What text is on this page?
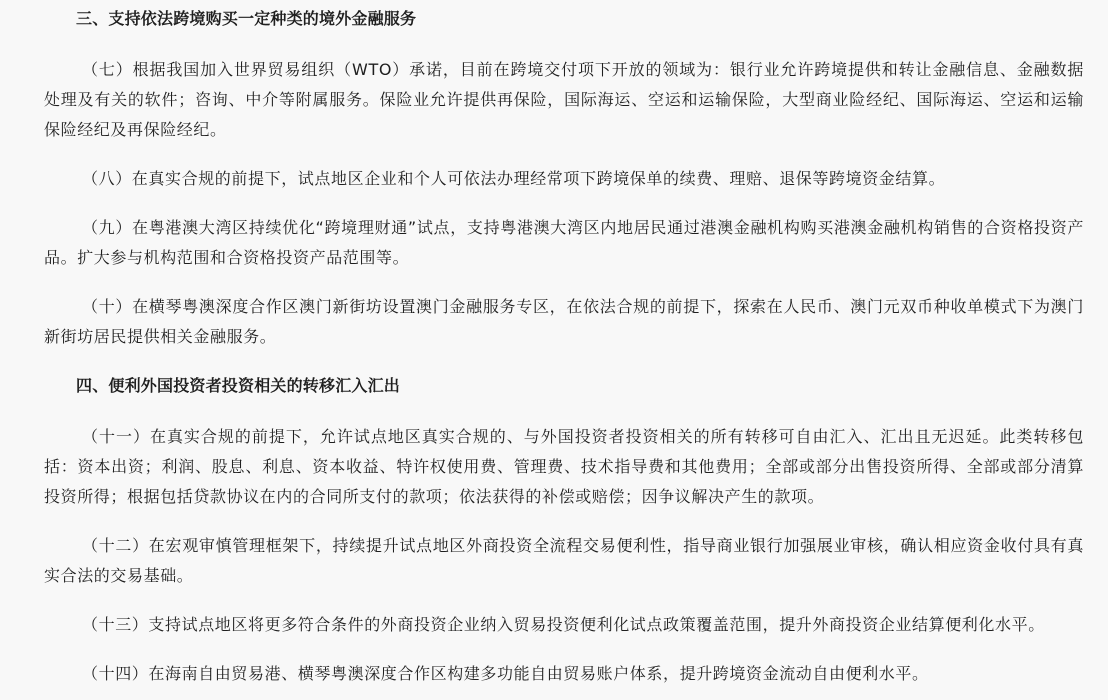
三、支持依法跨境购买一定种类的境外金融服务

（七）根据我国加入世界贸易组织（WTO）承诺，目前在跨境交付项下开放的领域为：银行业允许跨境提供和转让金融信息、金融数据处理及有关的软件；咨询、中介等附属服务。保险业允许提供再保险，国际海运、空运和运输保险，大型商业险经纪、国际海运、空运和运输保险经纪及再保险经纪。

（八）在真实合规的前提下，试点地区企业和个人可依法办理经常项下跨境保单的续费、理赔、退保等跨境资金结算。

（九）在粤港澳大湾区持续优化“跨境理财通”试点，支持粤港澳大湾区内地居民通过港澳金融机构购买港澳金融机构销售的合资格投资产品。扩大参与机构范围和合资格投资产品范围等。

（十）在横琴粤澳深度合作区澳门新街坊设置澳门金融服务专区，在依法合规的前提下，探索在人民币、澳门元双币种收单模式下为澳门新街坊居民提供相关金融服务。

四、便利外国投资者投资相关的转移汇入汇出

（十一）在真实合规的前提下，允许试点地区真实合规的、与外国投资者投资相关的所有转移可自由汇入、汇出且无迟延。此类转移包括：资本出资；利润、股息、利息、资本收益、特许权使用费、管理费、技术指导费和其他费用；全部或部分出售投资所得、全部或部分清算投资所得；根据包括贷款协议在内的合同所支付的款项；依法获得的补偿或赔偿；因争议解决产生的款项。

（十二）在宏观审慎管理框架下，持续提升试点地区外商投资全流程交易便利性，指导商业银行加强展业审核，确认相应资金收付具有真实合法的交易基础。

（十三）支持试点地区将更多符合条件的外商投资企业纳入贸易投资便利化试点政策覆盖范围，提升外商投资企业结算便利化水平。

（十四）在海南自由贸易港、横琴粤澳深度合作区构建多功能自由贸易账户体系，提升跨境资金流动自由便利水平。
